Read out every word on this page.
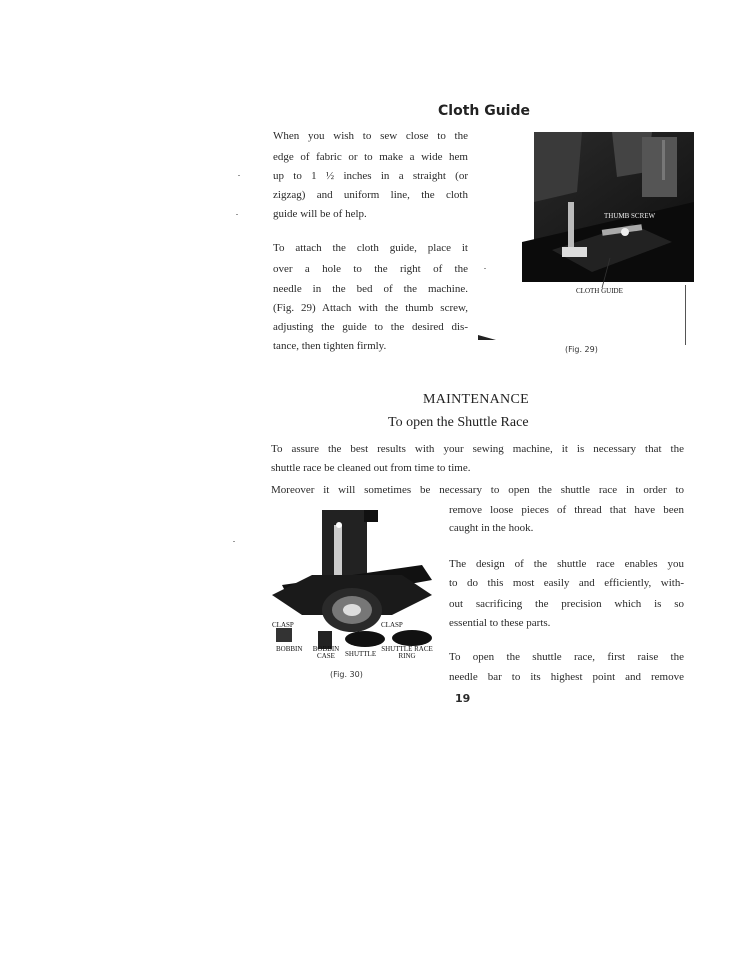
Cloth Guide
When you wish to sew close to the
edge of fabric or to make a wide hem
up to 1 ½ inches in a straight (or
zigzag) and uniform line, the cloth
guide will be of help.
To attach the cloth guide, place it
over a hole to the right of the
needle in the bed of the machine.
(Fig. 29) Attach with the thumb screw,
adjusting the guide to the desired dis-
tance, then tighten firmly.
THUMB SCREW
CLOTH GUIDE
(Fig. 29)
MAINTENANCE
To open the Shuttle Race
To assure the best results with your sewing machine, it is necessary that the
shuttle race be cleaned out from time to time.
Moreover it will sometimes be necessary to open the shuttle race in order to
remove loose pieces of thread that have been
caught in the hook.
The design of the shuttle race enables you
to do this most easily and efficiently, with-
out sacrificing the precision which is so
essential to these parts.
To open the shuttle race, first raise the
needle bar to its highest point and remove
CLASP	CLASP
BOBBIN BOBBIN CASE	SHUTTLE
SHUTTLE RACE RING
(Fig. 30)
19
